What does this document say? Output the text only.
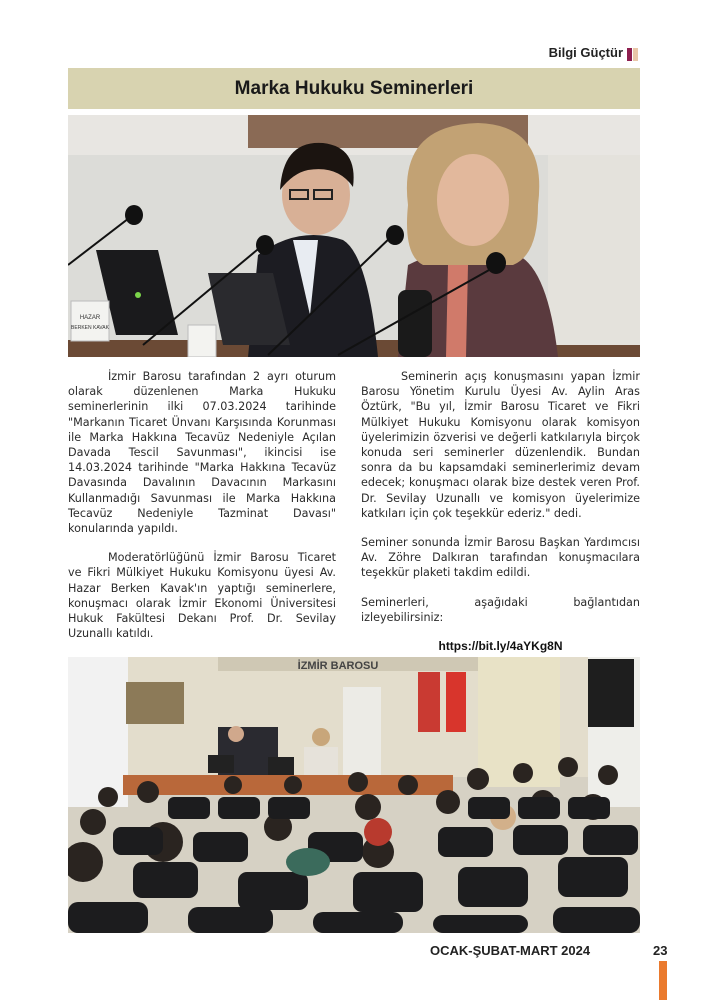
Bilgi Güçtür
Marka Hukuku Seminerleri
HAZAR
BERKEN KAVAK

İzmir Barosu tarafından 2 ayrı oturum olarak düzenlenen Marka Hukuku seminerlerinin ilki 07.03.2024 tarihinde "Markanın Ticaret Ünvanı Karşısında Korunması ile Marka Hakkına Tecavüz Nedeniyle Açılan Davada Tescil Savunması", ikincisi ise 14.03.2024 tarihinde "Marka Hakkına Tecavüz Davasında Davalının Davacının Markasını Kullanmadığı Savunması ile Marka Hakkına Tecavüz Nedeniyle Tazminat Davası" konularında yapıldı.

Moderatörlüğünü İzmir Barosu Ticaret ve Fikri Mülkiyet Hukuku Komisyonu üyesi Av. Hazar Berken Kavak'ın yaptığı seminerlere, konuşmacı olarak İzmir Ekonomi Üniversitesi Hukuk Fakültesi Dekanı Prof. Dr. Sevilay Uzunallı katıldı.

Seminerin açış konuşmasını yapan İzmir Barosu Yönetim Kurulu Üyesi Av. Aylin Aras Öztürk, "Bu yıl, İzmir Barosu Ticaret ve Fikri Mülkiyet Hukuku Komisyonu olarak komisyon üyelerimizin özverisi ve değerli katkılarıyla birçok konuda seri seminerler düzenlendik. Bundan sonra da bu kapsamdaki seminerlerimiz devam edecek; konuşmacı olarak bize destek veren Prof. Dr. Sevilay Uzunallı ve komisyon üyelerimize katkıları için çok teşekkür ederiz." dedi.

Seminer sonunda İzmir Barosu Başkan Yardımcısı Av. Zöhre Dalkıran tarafından konuşmacılara teşekkür plaketi takdim edildi.

Seminerleri, aşağıdaki bağlantıdan izleyebilirsiniz:

https://bit.ly/4aYKg8N
İZMİR BAROSU
OCAK-ŞUBAT-MART 2024	23
